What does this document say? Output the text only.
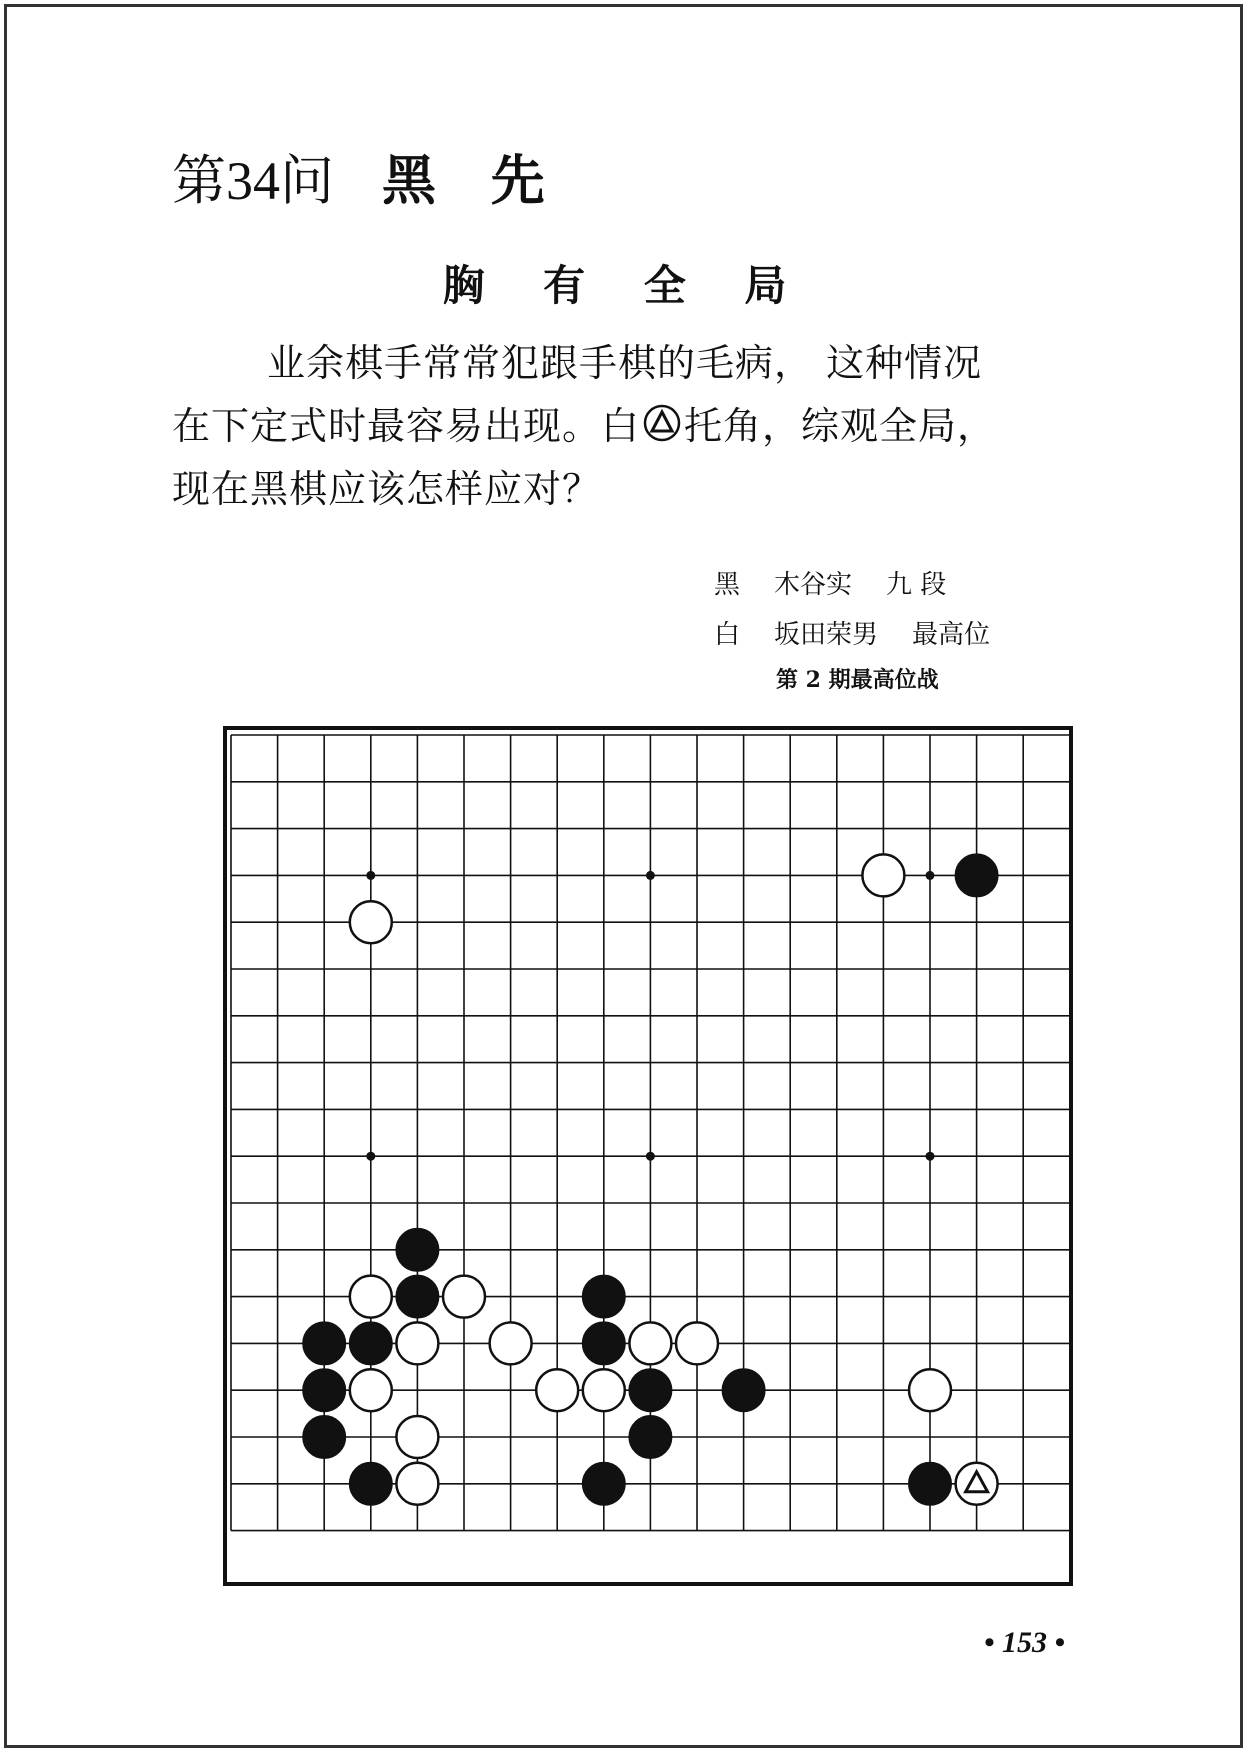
第34问 黑 先
胸 有 全 局

业余棋手常常犯跟手棋的毛病， 这种情况

在下定式时最容易出现。白 托角，综观全局，

现在黑棋应该怎样应对？

黑 木谷实 九 段
白 坂田荣男 最高位
第 2 期最高位战
• 153 •
